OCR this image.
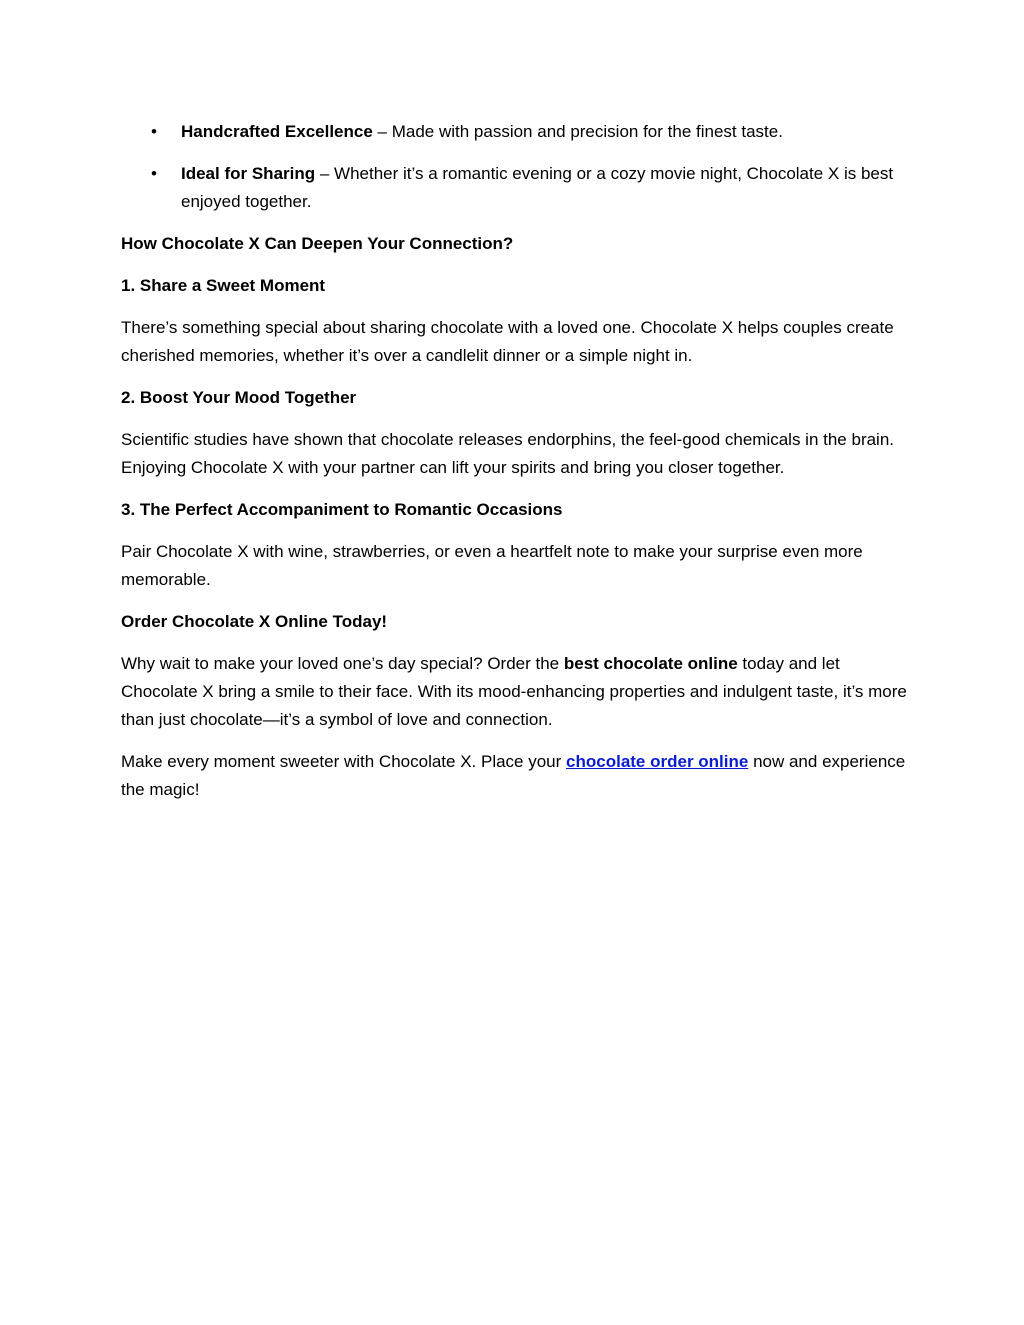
• Handcrafted Excellence – Made with passion and precision for the finest taste.
• Ideal for Sharing – Whether it’s a romantic evening or a cozy movie night, Chocolate X is best enjoyed together.

How Chocolate X Can Deepen Your Connection?

1. Share a Sweet Moment

There’s something special about sharing chocolate with a loved one. Chocolate X helps couples create cherished memories, whether it’s over a candlelit dinner or a simple night in.

2. Boost Your Mood Together

Scientific studies have shown that chocolate releases endorphins, the feel-good chemicals in the brain. Enjoying Chocolate X with your partner can lift your spirits and bring you closer together.

3. The Perfect Accompaniment to Romantic Occasions

Pair Chocolate X with wine, strawberries, or even a heartfelt note to make your surprise even more memorable.

Order Chocolate X Online Today!

Why wait to make your loved one’s day special? Order the best chocolate online today and let Chocolate X bring a smile to their face. With its mood-enhancing properties and indulgent taste, it’s more than just chocolate—it’s a symbol of love and connection.

Make every moment sweeter with Chocolate X. Place your chocolate order online now and experience the magic!
